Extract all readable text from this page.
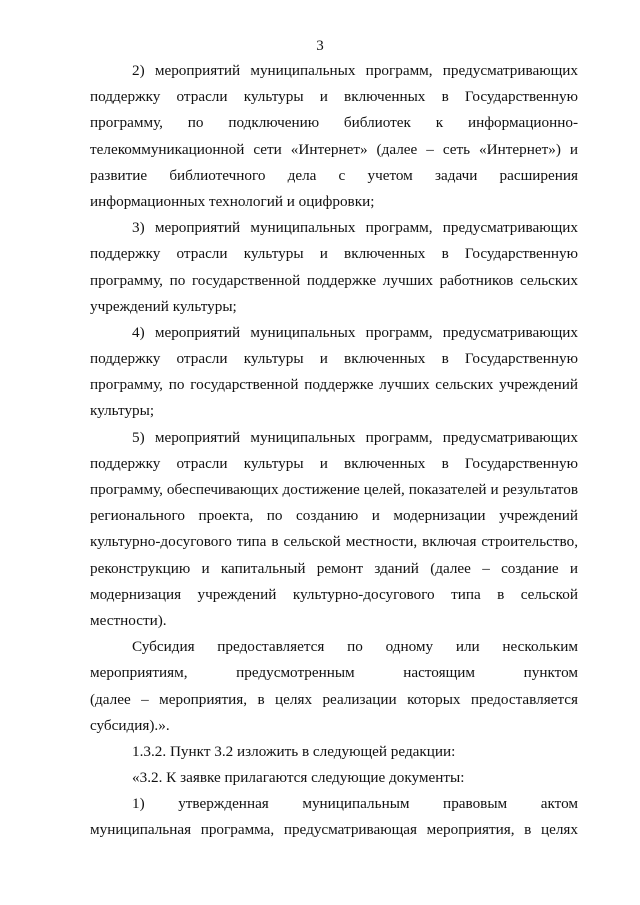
3
2) мероприятий муниципальных программ, предусматривающих
поддержку отрасли культуры и включенных в Государственную
программу, по подключению библиотек к информационно-
телекоммуникационной сети «Интернет» (далее – сеть «Интернет») и
развитие библиотечного дела с учетом задачи расширения
информационных технологий и оцифровки;
3) мероприятий муниципальных программ, предусматривающих
поддержку отрасли культуры и включенных в Государственную
программу, по государственной поддержке лучших работников сельских
учреждений культуры;
4) мероприятий муниципальных программ, предусматривающих
поддержку отрасли культуры и включенных в Государственную
программу, по государственной поддержке лучших сельских учреждений
культуры;
5) мероприятий муниципальных программ, предусматривающих
поддержку отрасли культуры и включенных в Государственную
программу, обеспечивающих достижение целей, показателей и результатов
регионального проекта, по созданию и модернизации учреждений
культурно-досугового типа в сельской местности, включая строительство,
реконструкцию и капитальный ремонт зданий (далее – создание и
модернизация учреждений культурно-досугового типа в сельской
местности).
Субсидия предоставляется по одному или нескольким
мероприятиям, предусмотренным настоящим пунктом
(далее – мероприятия, в целях реализации которых предоставляется
субсидия).».
1.3.2. Пункт 3.2 изложить в следующей редакции:
«3.2. К заявке прилагаются следующие документы:
1) утвержденная муниципальным правовым актом
муниципальная программа, предусматривающая мероприятия, в целях
